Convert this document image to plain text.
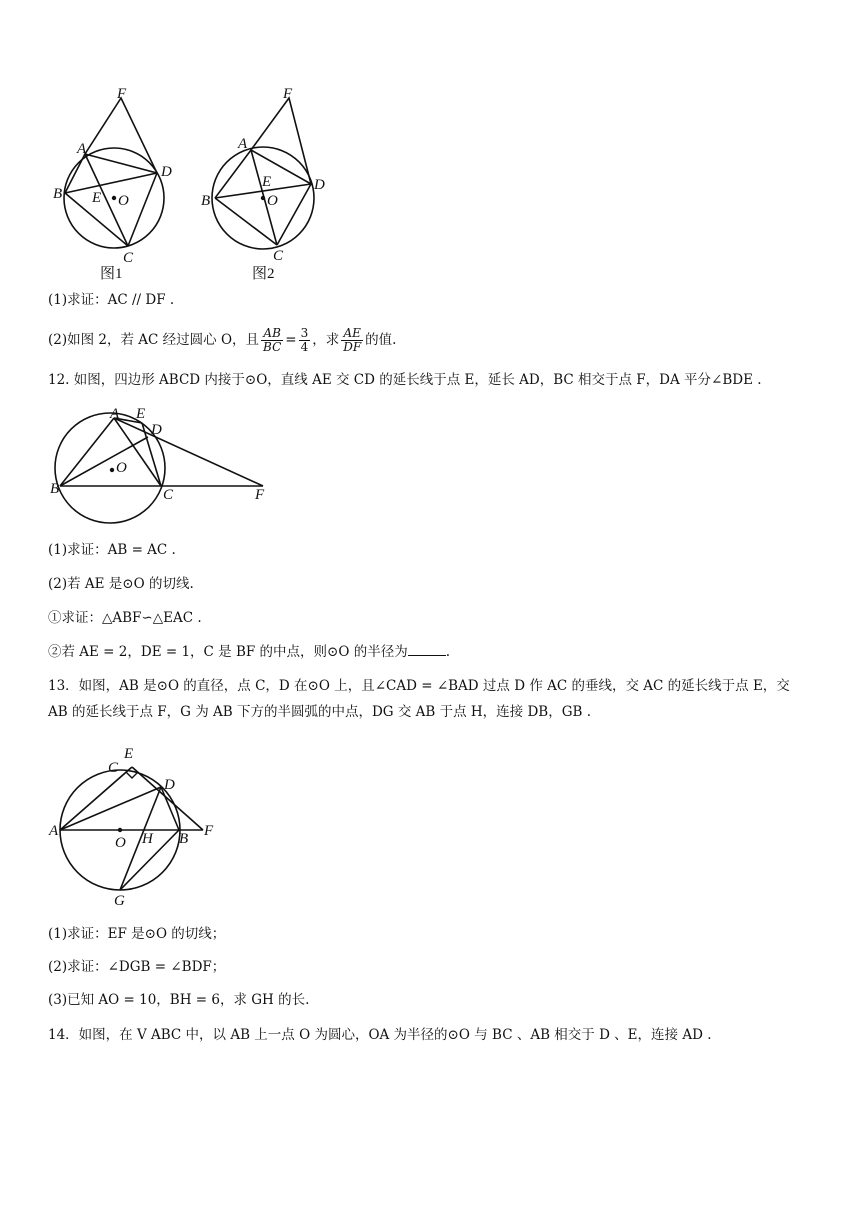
F
A
D
B E O
C
图1
F
A
D
B
E
O
C
图2
(1)求证：AC // DF .
(2)如图 2，若 AC 经过圆心 O，且 $\frac{AB}{BC} = \frac{3}{4}$ ，求 $\frac{AE}{DF}$ 的值.
12. 如图，四边形 ABCD 内接于⊙O，直线 AE 交 CD 的延长线于点 E，延长 AD，BC 相交于点 F，DA 平分∠BDE .
A E
D
O
B	C	F
(1)求证：AB = AC .
(2)若 AE 是⊙O 的切线.
①求证：△ABF∽△EAC .
②若 AE = 2，DE = 1，C 是 BF 的中点，则⊙O 的半径为	.
13．如图，AB 是⊙O 的直径，点 C，D 在⊙O 上，且∠CAD = ∠BAD 过点 D 作 AC 的垂线，交 AC 的延长线于点 E，交 AB 的延长线于点 F，G 为 AB 下方的半圆弧的中点，DG 交 AB 于点 H，连接 DB，GB .
E
C
D
A
O H B F
G
(1)求证：EF 是⊙O 的切线；
(2)求证：∠DGB = ∠BDF；
(3)已知 AO = 10，BH = 6，求 GH 的长.
14．如图，在 V ABC 中，以 AB 上一点 O 为圆心，OA 为半径的⊙O 与 BC 、AB 相交于 D 、E，连接 AD .
